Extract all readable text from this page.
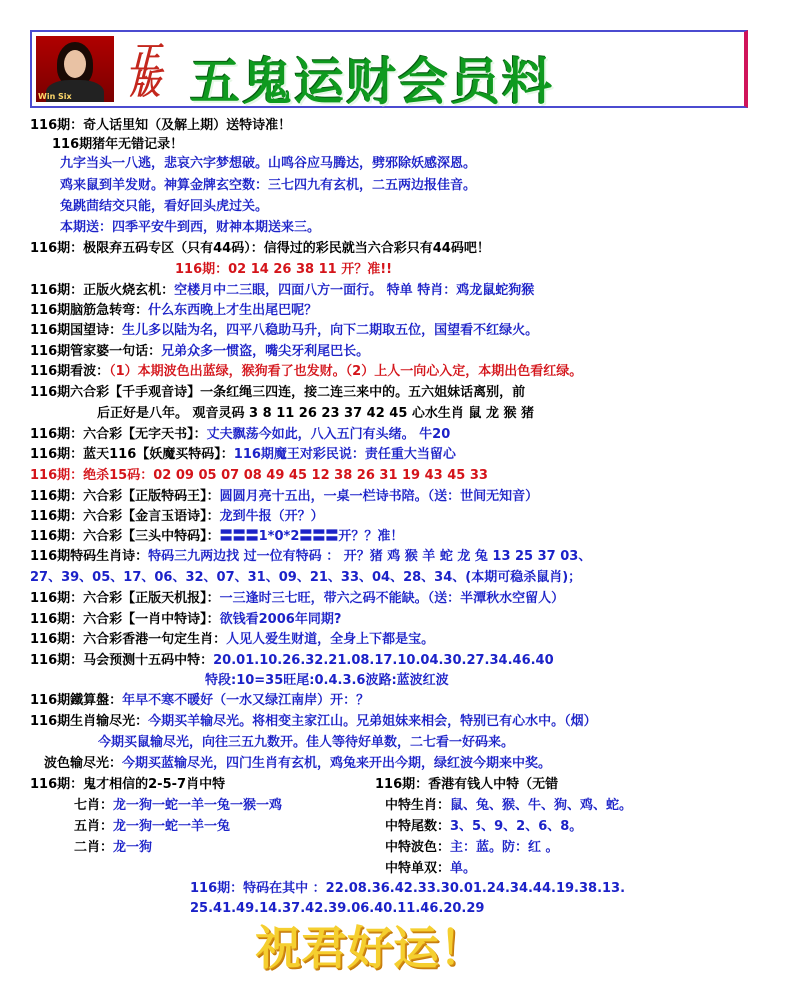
Win Six
正版 五鬼运财会员料
116期：奇人话里知（及解上期）送特诗准！
116期猪年无错记录！
九字当头一八逃，悲哀六字梦想破。山鸣谷应马腾达，劈邪除妖感深恩。
鸡来鼠到羊发财。神算金牌玄空数：三七四九有玄机，二五两边报佳音。
兔跳茴结交只能，看好回头虎过关。
本期送：四季平安牛到西，财神本期送来三。
116期：极限弃五码专区（只有44码）：信得过的彩民就当六合彩只有44码吧！
116期：02 14 26 38 11 开？准!!
116期：正版火烧玄机：空楼月中二三眼，四面八方一面行。 特单 特肖：鸡龙鼠蛇狗猴
116期脑筋急转弯：什么东西晚上才生出尾巴呢？
116期国望诗：生儿多以陆为名，四平八稳助马升，向下二期取五位，国望看不红绿火。
116期管家婆一句话：兄弟众多一惯盗，嘴尖牙利尾巴长。
116期看波：（1）本期波色出蓝绿，猴狗看了也发财。（2）上人一向心入定，本期出色看红绿。
116期六合彩【千手观音诗】一条红绳三四连，接二连三来中的。五六姐妹话离别，前
后正好是八年。 观音灵码 3 8 11 26 23 37 42 45 心水生肖 鼠 龙 猴 猪
116期：六合彩【无字天书】：丈夫飘荡今如此，八入五门有头绪。 牛20
116期：蓝天116【妖魔买特码】：116期魔王对彩民说：责任重大当留心
116期：绝杀15码：02 09 05 07 08 49 45 12 38 26 31 19 43 45 33
116期：六合彩【正版特码王】：圆圆月亮十五出，一桌一栏诗书陪。（送：世间无知音）
116期：六合彩【金言玉语诗】：龙到牛报（开？）
116期：六合彩【三头中特码】：〓〓〓1*0*2〓〓〓开？？准！
116期特码生肖诗：特码三九两边找 过一位有特码 ： 开？猪 鸡 猴 羊 蛇 龙 兔 13 25 37 03、
27、39、05、17、06、32、07、31、09、21、33、04、28、34、(本期可稳杀鼠肖)；
116期：六合彩【正版天机报】：一三逢时三七旺，带六之码不能缺。（送：半潭秋水空留人）
116期：六合彩【一肖中特诗】：欲钱看2006年同期?
116期：六合彩香港一句定生肖：人见人爱生财道，全身上下都是宝。
116期：马会预测十五码中特：20.01.10.26.32.21.08.17.10.04.30.27.34.46.40
特段:10=35旺尾:0.4.3.6波路:蓝波红波
116期鐵算盤：年早不寒不暖好（一水又绿江南岸）开：？
116期生肖输尽光：今期买羊输尽光。将相变主家江山。兄弟姐妹来相会，特别已有心水中。（烟）
今期买鼠输尽光，向往三五九数开。佳人等待好单数，二七看一好码来。
波色输尽光：今期买蓝输尽光，四门生肖有玄机，鸡兔来开出今期，绿红波今期来中奖。
116期：鬼才相信的2-5-7肖中特	116期：香港有钱人中特（无错
七肖：龙一狗一蛇一羊一兔一猴一鸡	中特生肖：鼠、兔、猴、牛、狗、鸡、蛇。
五肖：龙一狗一蛇一羊一兔	中特尾数：3、5、9、2、6、8。
二肖：龙一狗	中特波色：主：蓝。防：红 。
中特单双：单。
116期：特码在其中 ：22.08.36.42.33.30.01.24.34.44.19.38.13.
25.41.49.14.37.42.39.06.40.11.46.20.29
祝君好运！
